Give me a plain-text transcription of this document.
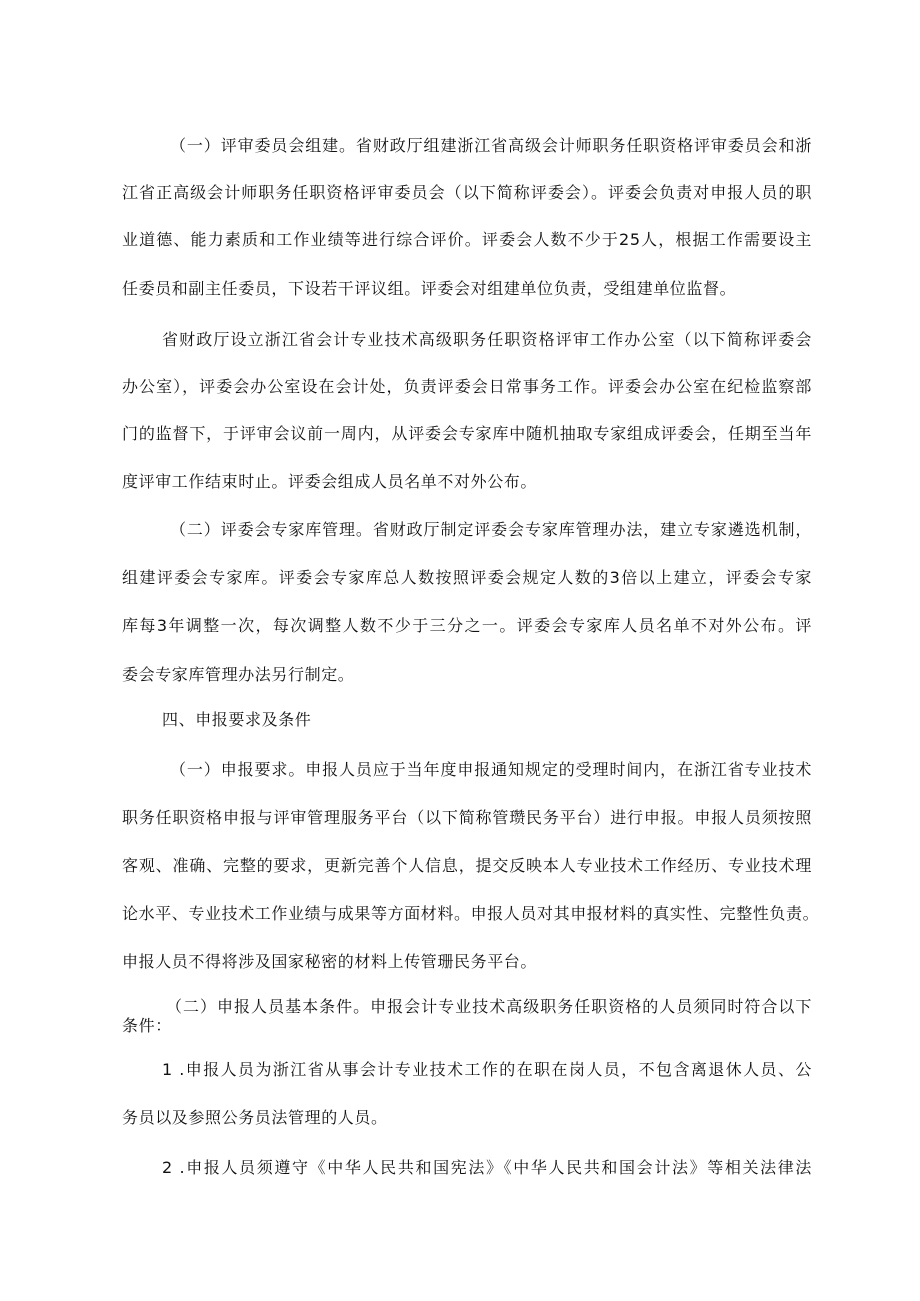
（一）评审委员会组建。省财政厅组建浙江省高级会计师职务任职资格评审委员会和浙
江省正高级会计师职务任职资格评审委员会（以下简称评委会）。评委会负责对申报人员的职
业道德、能力素质和工作业绩等进行综合评价。评委会人数不少于25人，根据工作需要设主
任委员和副主任委员，下设若干评议组。评委会对组建单位负责，受组建单位监督。
省财政厅设立浙江省会计专业技术高级职务任职资格评审工作办公室（以下简称评委会
办公室），评委会办公室设在会计处，负责评委会日常事务工作。评委会办公室在纪检监察部
门的监督下，于评审会议前一周内，从评委会专家库中随机抽取专家组成评委会，任期至当年
度评审工作结束时止。评委会组成人员名单不对外公布。
（二）评委会专家库管理。省财政厅制定评委会专家库管理办法，建立专家遴选机制，
组建评委会专家库。评委会专家库总人数按照评委会规定人数的3倍以上建立，评委会专家
库每3年调整一次，每次调整人数不少于三分之一。评委会专家库人员名单不对外公布。评
委会专家库管理办法另行制定。
四、申报要求及条件
（一）申报要求。申报人员应于当年度申报通知规定的受理时间内，在浙江省专业技术
职务任职资格申报与评审管理服务平台（以下简称管瓒民务平台）进行申报。申报人员须按照
客观、准确、完整的要求，更新完善个人信息，提交反映本人专业技术工作经历、专业技术理
论水平、专业技术工作业绩与成果等方面材料。申报人员对其申报材料的真实性、完整性负责。
申报人员不得将涉及国家秘密的材料上传管珊民务平台。
（二）申报人员基本条件。申报会计专业技术高级职务任职资格的人员须同时符合以下
条件：
1 .申报人员为浙江省从事会计专业技术工作的在职在岗人员，不包含离退休人员、公
务员以及参照公务员法管理的人员。
2 .申报人员须遵守《中华人民共和国宪法》《中华人民共和国会计法》等相关法律法
